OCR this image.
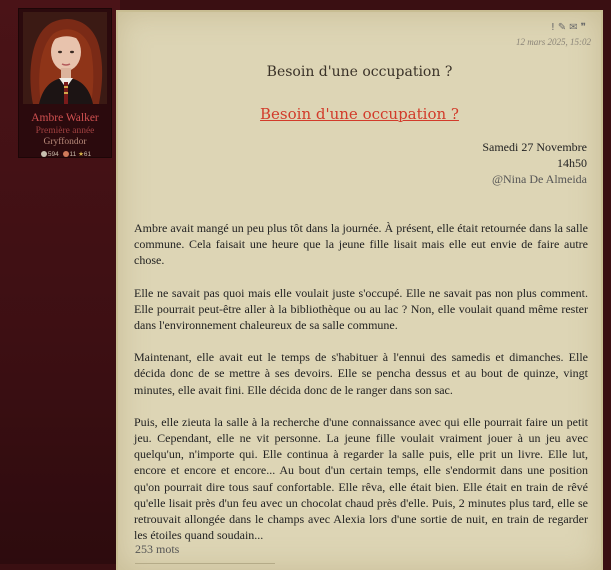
Ambre Walker
Première année
Gryffondor
594 11 ★61
!✎✉❞
12 mars 2025, 15:02
Besoin d'une occupation ?
Besoin d'une occupation ?
Samedi 27 Novembre
14h50
@Nina De Almeida

Ambre avait mangé un peu plus tôt dans la journée. À présent, elle était retournée dans la salle commune. Cela faisait une heure que la jeune fille lisait mais elle eut envie de faire autre chose.

Elle ne savait pas quoi mais elle voulait juste s'occupé. Elle ne savait pas non plus comment. Elle pourrait peut-être aller à la bibliothèque ou au lac ? Non, elle voulait quand même rester dans l'environnement chaleureux de sa salle commune.

Maintenant, elle avait eut le temps de s'habituer à l'ennui des samedis et dimanches. Elle décida donc de se mettre à ses devoirs. Elle se pencha dessus et au bout de quinze, vingt minutes, elle avait fini. Elle décida donc de le ranger dans son sac.

Puis, elle zieuta la salle à la recherche d'une connaissance avec qui elle pourrait faire un petit jeu. Cependant, elle ne vit personne. La jeune fille voulait vraiment jouer à un jeu avec quelqu'un, n'importe qui. Elle continua à regarder la salle puis, elle prit un livre. Elle lut, encore et encore et encore... Au bout d'un certain temps, elle s'endormit dans une position qu'on pourrait dire tous sauf confortable. Elle rêva, elle était bien. Elle était en train de rêvé qu'elle lisait près d'un feu avec un chocolat chaud près d'elle. Puis, 2 minutes plus tard, elle se retrouvait allongée dans le champs avec Alexia lors d'une sortie de nuit, en train de regarder les étoiles quand soudain...

253 mots
